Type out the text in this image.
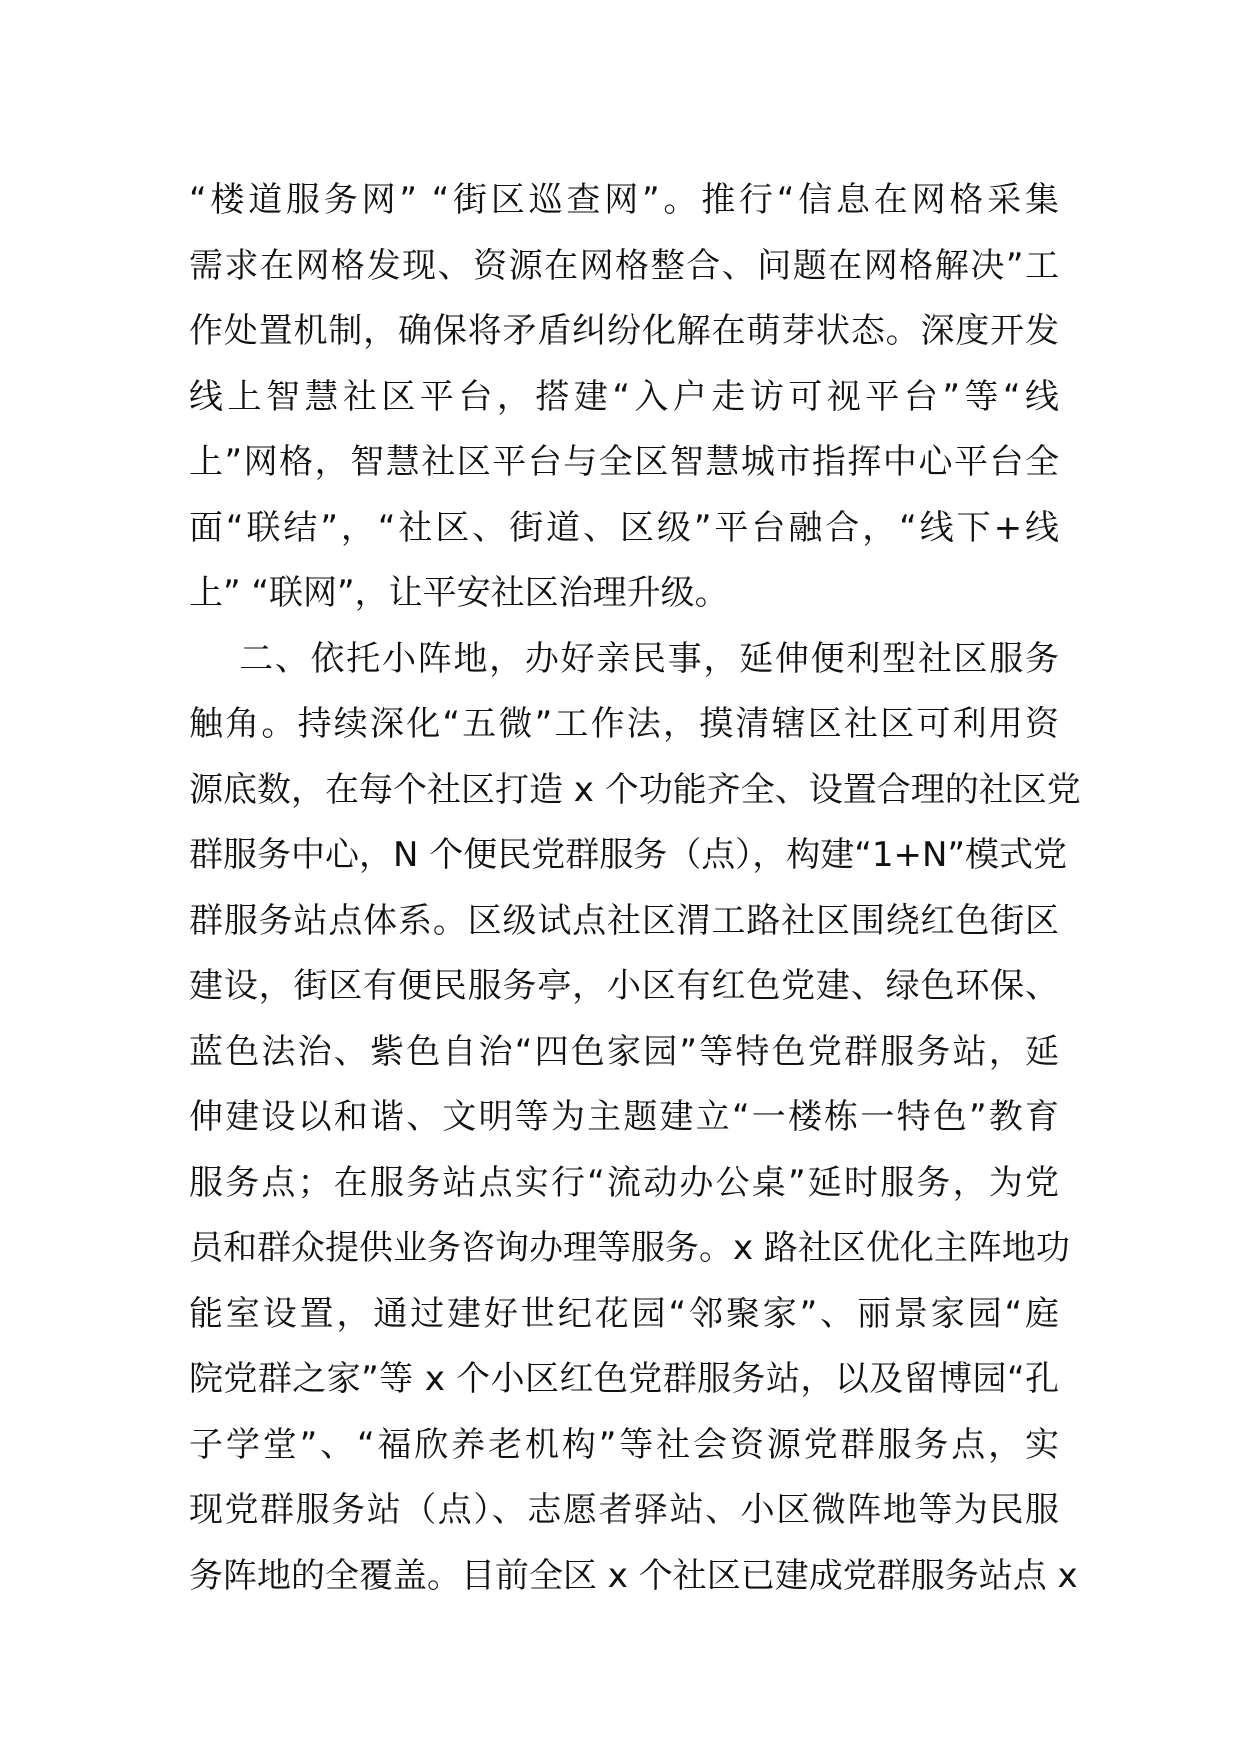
“楼道服务网” “街区巡查网”。推行“信息在网格采集
需求在网格发现、资源在网格整合、问题在网格解决”工
作处置机制，确保将矛盾纠纷化解在萌芽状态。深度开发
线上智慧社区平台，搭建“入户走访可视平台”等“线
上”网格，智慧社区平台与全区智慧城市指挥中心平台全
面“联结”，“社区、街道、区级”平台融合，“线下+线
上” “联网”，让平安社区治理升级。
二、依托小阵地，办好亲民事，延伸便利型社区服务
触角。持续深化“五微”工作法，摸清辖区社区可利用资
源底数，在每个社区打造 x 个功能齐全、设置合理的社区党
群服务中心，N 个便民党群服务（点），构建“1+N”模式党
群服务站点体系。区级试点社区渭工路社区围绕红色街区
建设，街区有便民服务亭，小区有红色党建、绿色环保、
蓝色法治、紫色自治“四色家园”等特色党群服务站，延
伸建设以和谐、文明等为主题建立“一楼栋一特色”教育
服务点；在服务站点实行“流动办公桌”延时服务，为党
员和群众提供业务咨询办理等服务。x 路社区优化主阵地功
能室设置，通过建好世纪花园“邻聚家”、丽景家园“庭
院党群之家”等 x 个小区红色党群服务站，以及留博园“孔
子学堂”、“福欣养老机构”等社会资源党群服务点，实
现党群服务站（点）、志愿者驿站、小区微阵地等为民服
务阵地的全覆盖。目前全区 x 个社区已建成党群服务站点 x
